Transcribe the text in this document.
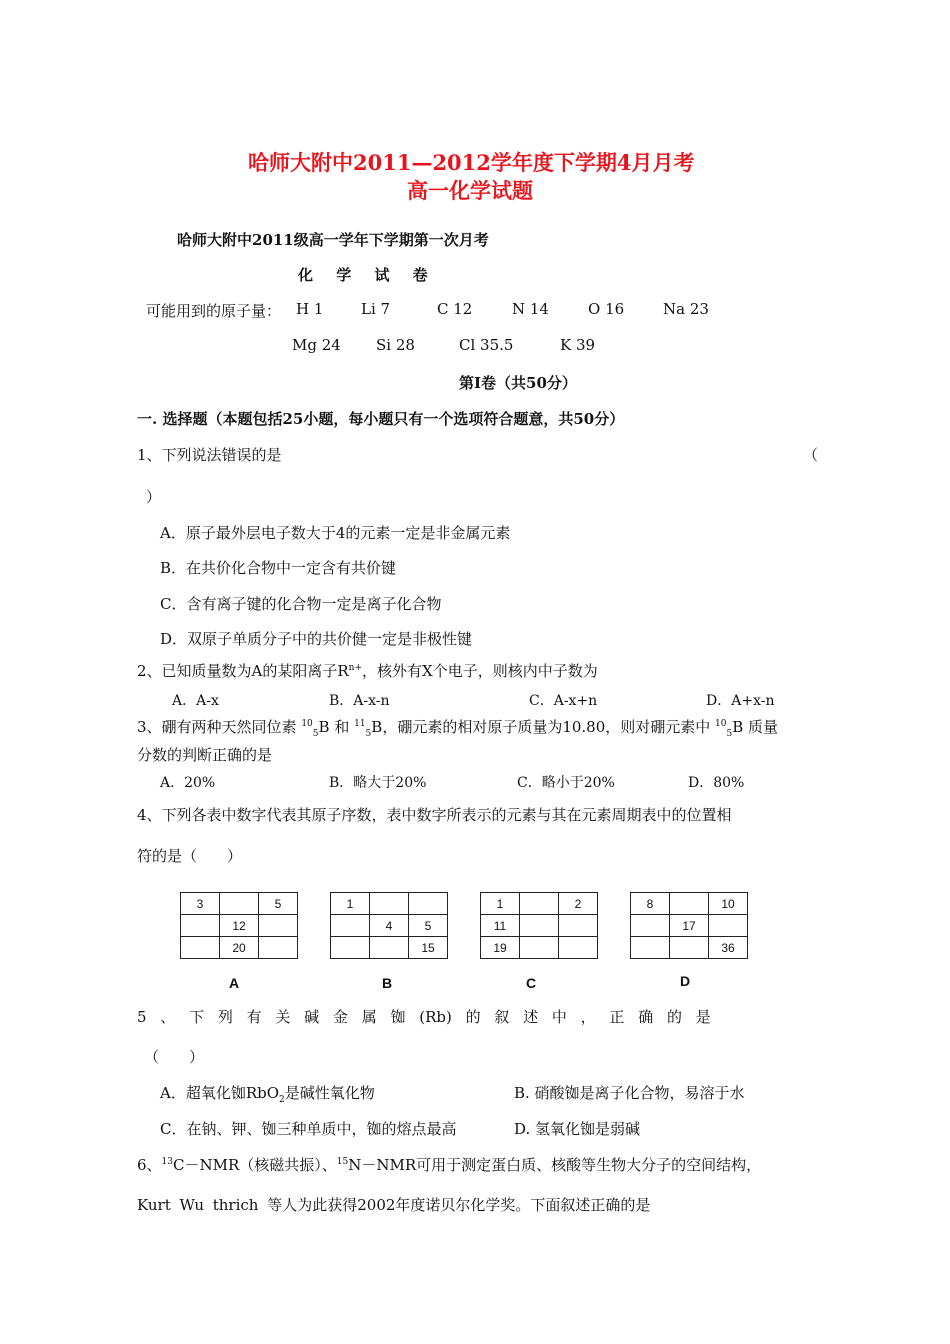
哈师大附中2011—2012学年度下学期4月月考
高一化学试题
哈师大附中2011级高一学年下学期第一次月考
化 学 试 卷
可能用到的原子量： H 1	Li 7	C 12	N 14	O 16	Na 23
Mg 24 Si 28	Cl 35.5	K 39
第Ⅰ卷（共50分）
一. 选择题（本题包括25小题，每小题只有一个选项符合题意，共50分）
1、下列说法错误的是	（
）
A．原子最外层电子数大于4的元素一定是非金属元素
B．在共价化合物中一定含有共价键
C．含有离子键的化合物一定是离子化合物
D．双原子单质分子中的共价健一定是非极性键
2、已知质量数为A的某阳离子$R^{n+}$，核外有X个电子，则核内中子数为
A．A-x	B．A-x-n	C．A-x+n	D．A+x-n
3、硼有两种天然同位素 $^{10}_5$B 和 $^{11}_5$B，硼元素的相对原子质量为10.80，则对硼元素中 $^{10}_5$B 质量
分数的判断正确的是
A．20%	B．略大于20%	C．略小于20%	D．80%
4、下列各表中数字代表其原子序数，表中数字所表示的元素与其在元素周期表中的位置相
符的是（　　）
3		5
	12	
	20	
A
1		
	4	5
		15
B
1		2
11		
19		
C
8		10
	17	
		36
D
5 、 下 列 有 关 碱 金 属 铷 (Rb) 的 叙 述 中 ， 正 确 的 是
（　　）
A．超氧化铷RbO$_2$是碱性氧化物	B. 硝酸铷是离子化合物，易溶于水
C．在钠、钾、铷三种单质中，铷的熔点最高	D. 氢氧化铷是弱碱
6、$^{13}$C－NMR（核磁共振）、$^{15}$N－NMR可用于测定蛋白质、核酸等生物大分子的空间结构，
Kurt Wu thrich 等人为此获得2002年度诺贝尔化学奖。下面叙述正确的是
